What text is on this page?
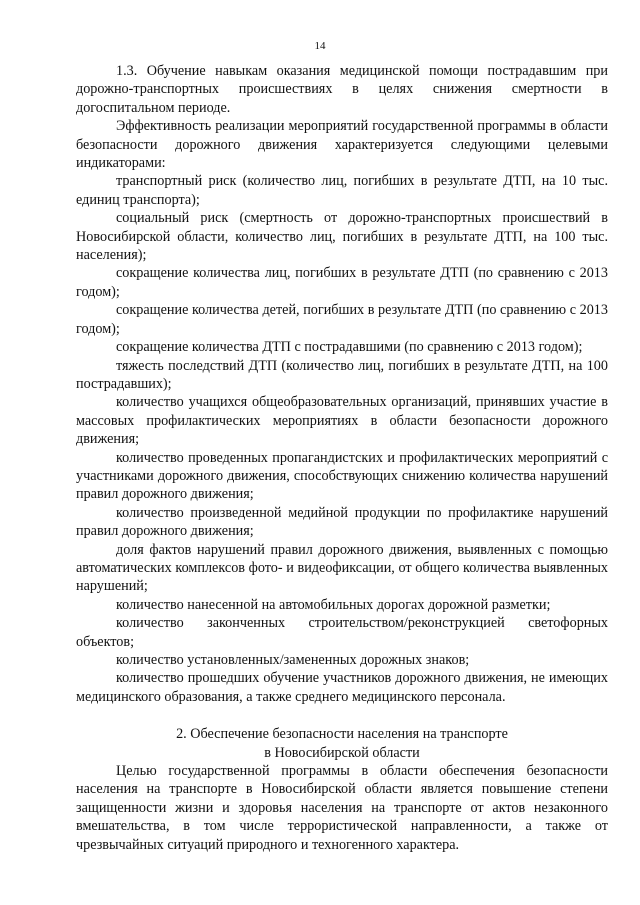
14

1.3. Обучение навыкам оказания медицинской помощи пострадавшим при дорожно-транспортных происшествиях в целях снижения смертности в догоспитальном периоде.

Эффективность реализации мероприятий государственной программы в области безопасности дорожного движения характеризуется следующими целевыми индикаторами:

транспортный риск (количество лиц, погибших в результате ДТП, на 10 тыс. единиц транспорта);

социальный риск (смертность от дорожно-транспортных происшествий в Новосибирской области, количество лиц, погибших в результате ДТП, на 100 тыс. населения);

сокращение количества лиц, погибших в результате ДТП (по сравнению с 2013 годом);

сокращение количества детей, погибших в результате ДТП (по сравнению с 2013 годом);

сокращение количества ДТП с пострадавшими (по сравнению с 2013 годом);

тяжесть последствий ДТП (количество лиц, погибших в результате ДТП, на 100 пострадавших);

количество учащихся общеобразовательных организаций, принявших участие в массовых профилактических мероприятиях в области безопасности дорожного движения;

количество проведенных пропагандистских и профилактических мероприятий с участниками дорожного движения, способствующих снижению количества нарушений правил дорожного движения;

количество произведенной медийной продукции по профилактике нарушений правил дорожного движения;

доля фактов нарушений правил дорожного движения, выявленных с помощью автоматических комплексов фото- и видеофиксации, от общего количества выявленных нарушений;

количество нанесенной на автомобильных дорогах дорожной разметки;

количество законченных строительством/реконструкцией светофорных объектов;

количество установленных/замененных дорожных знаков;

количество прошедших обучение участников дорожного движения, не имеющих медицинского образования, а также среднего медицинского персонала.

2. Обеспечение безопасности населения на транспорте
в Новосибирской области

Целью государственной программы в области обеспечения безопасности населения на транспорте в Новосибирской области является повышение степени защищенности жизни и здоровья населения на транспорте от актов незаконного вмешательства, в том числе террористической направленности, а также от чрезвычайных ситуаций природного и техногенного характера.
